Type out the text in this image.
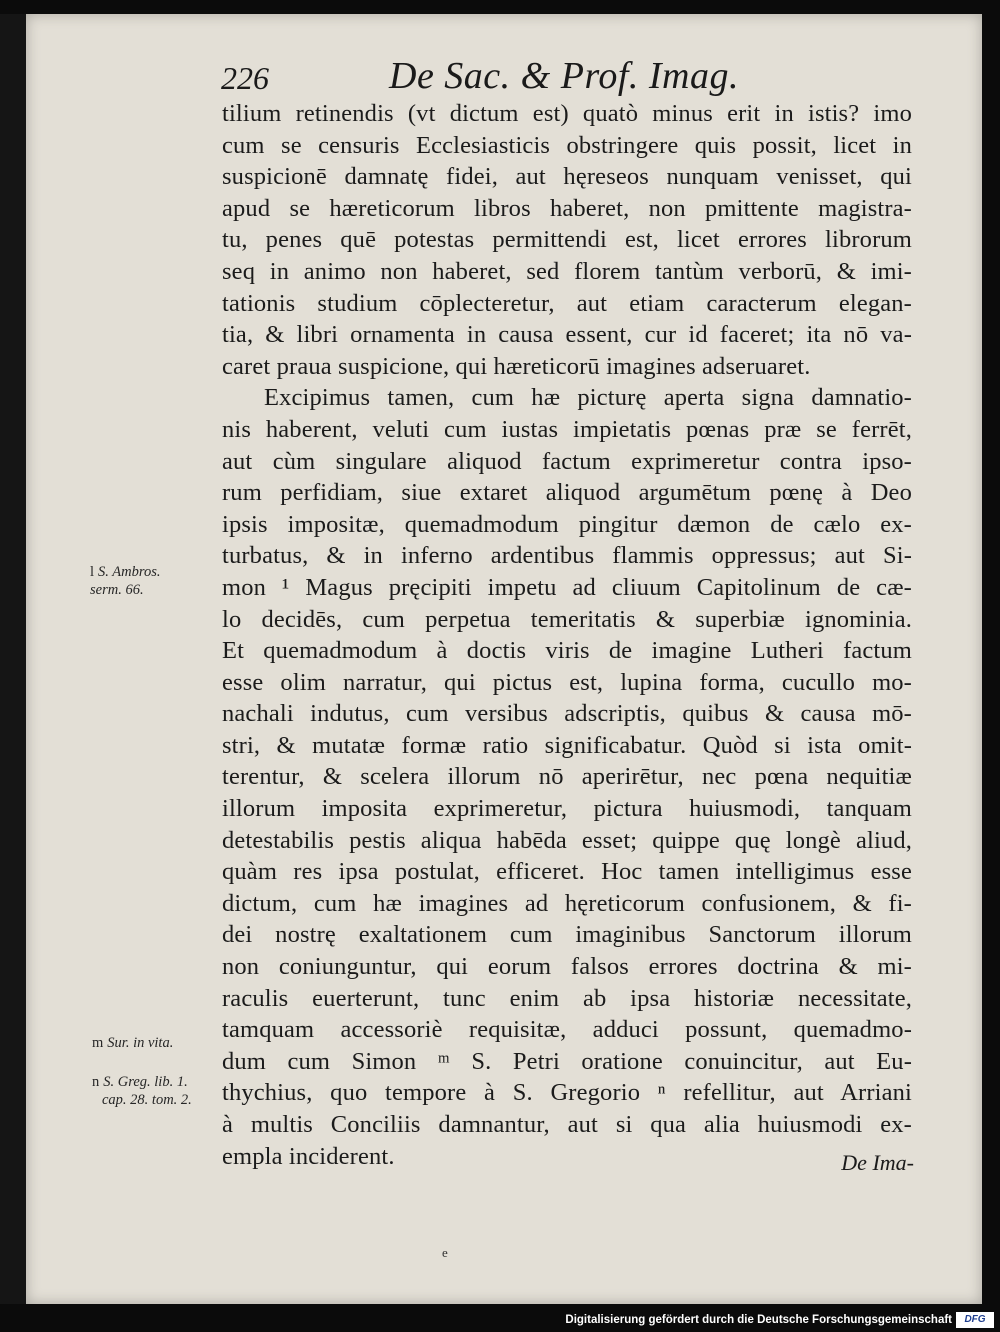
226	De Sac. & Prof. Imag.
tilium retinendis (vt dictum est) quatò minus erit in istis? imo
cum se censuris Ecclesiasticis obstringere quis possit, licet in
suspicionē damnatę fidei, aut hęreseos nunquam venisset, qui
apud se hæreticorum libros haberet, non pmittente magistra-
tu, penes quē potestas permittendi est, licet errores librorum
seq in animo non haberet, sed florem tantùm verborū, & imi-
tationis studium cōplecteretur, aut etiam caracterum elegan-
tia, & libri ornamenta in causa essent, cur id faceret; ita nō va-
caret praua suspicione, qui hæreticorū imagines adseruaret.
Excipimus tamen, cum hæ picturę aperta signa damnatio-
nis haberent, veluti cum iustas impietatis pœnas præ se ferrēt,
aut cùm singulare aliquod factum exprimeretur contra ipso-
rum perfidiam, siue extaret aliquod argumētum pœnę à Deo
ipsis impositæ, quemadmodum pingitur dæmon de cælo ex-
turbatus, & in inferno ardentibus flammis oppressus; aut Si-
mon ¹ Magus pręcipiti impetu ad cliuum Capitolinum de cæ-
lo decidēs, cum perpetua temeritatis & superbiæ ignominia.
Et quemadmodum à doctis viris de imagine Lutheri factum
esse olim narratur, qui pictus est, lupina forma, cucullo mo-
nachali indutus, cum versibus adscriptis, quibus & causa mō-
stri, & mutatæ formæ ratio significabatur. Quòd si ista omit-
terentur, & scelera illorum nō aperirētur, nec pœna nequitiæ
illorum imposita exprimeretur, pictura huiusmodi, tanquam
detestabilis pestis aliqua habēda esset; quippe quę longè aliud,
quàm res ipsa postulat, efficeret. Hoc tamen intelligimus esse
dictum, cum hæ imagines ad hęreticorum confusionem, & fi-
dei nostrę exaltationem cum imaginibus Sanctorum illorum
non coniunguntur, qui eorum falsos errores doctrina & mi-
raculis euerterunt, tunc enim ab ipsa historiæ necessitate,
tamquam accessoriè requisitæ, adduci possunt, quemadmo-
dum cum Simon ᵐ S. Petri oratione conuincitur, aut Eu-
thychius, quo tempore à S. Gregorio ⁿ refellitur, aut Arriani
à multis Conciliis damnantur, aut si qua alia huiusmodi ex-
empla inciderent.
l S. Ambros.
serm. 66.
m Sur. in vita.
n S. Greg. lib. 1.
cap. 28. tom. 2.
De Ima-
e
Digitalisierung gefördert durch die Deutsche Forschungsgemeinschaft	DFG
